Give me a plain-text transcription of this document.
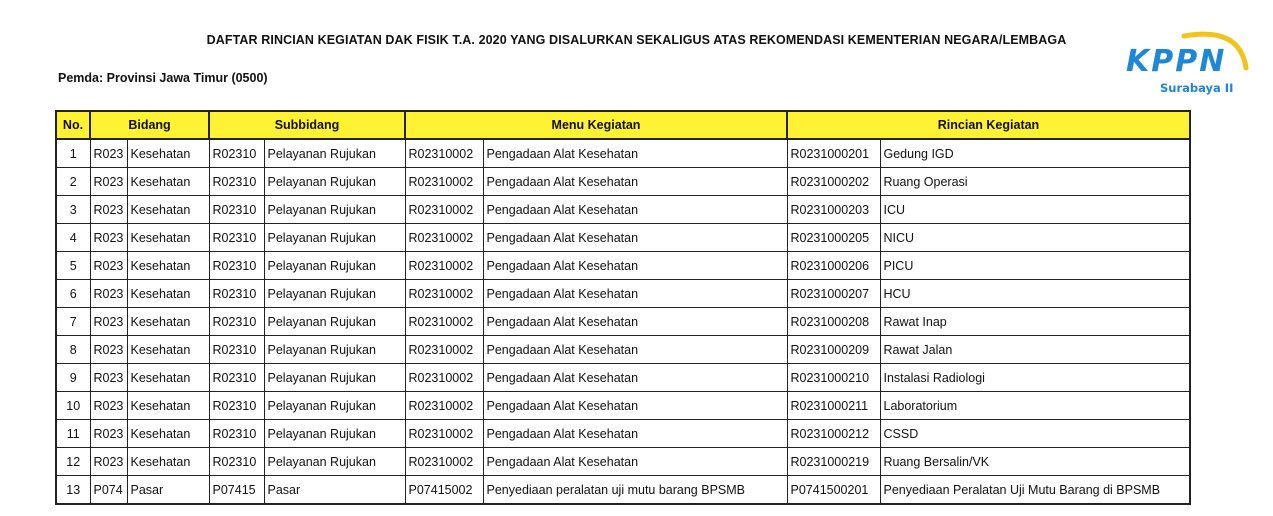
DAFTAR RINCIAN KEGIATAN DAK FISIK T.A. 2020 YANG DISALURKAN SEKALIGUS ATAS REKOMENDASI KEMENTERIAN NEGARA/LEMBAGA
Pemda: Provinsi Jawa Timur (0500)	KPPN
Surabaya II
No.	Bidang		Subbidang		Menu Kegiatan		Rincian Kegiatan	
1	R023	Kesehatan	R02310	Pelayanan Rujukan	R02310002	Pengadaan Alat Kesehatan	R0231000201	Gedung IGD
2	R023	Kesehatan	R02310	Pelayanan Rujukan	R02310002	Pengadaan Alat Kesehatan	R0231000202	Ruang Operasi
3	R023	Kesehatan	R02310	Pelayanan Rujukan	R02310002	Pengadaan Alat Kesehatan	R0231000203	ICU
4	R023	Kesehatan	R02310	Pelayanan Rujukan	R02310002	Pengadaan Alat Kesehatan	R0231000205	NICU
5	R023	Kesehatan	R02310	Pelayanan Rujukan	R02310002	Pengadaan Alat Kesehatan	R0231000206	PICU
6	R023	Kesehatan	R02310	Pelayanan Rujukan	R02310002	Pengadaan Alat Kesehatan	R0231000207	HCU
7	R023	Kesehatan	R02310	Pelayanan Rujukan	R02310002	Pengadaan Alat Kesehatan	R0231000208	Rawat Inap
8	R023	Kesehatan	R02310	Pelayanan Rujukan	R02310002	Pengadaan Alat Kesehatan	R0231000209	Rawat Jalan
9	R023	Kesehatan	R02310	Pelayanan Rujukan	R02310002	Pengadaan Alat Kesehatan	R0231000210	Instalasi Radiologi
10	R023	Kesehatan	R02310	Pelayanan Rujukan	R02310002	Pengadaan Alat Kesehatan	R0231000211	Laboratorium
11	R023	Kesehatan	R02310	Pelayanan Rujukan	R02310002	Pengadaan Alat Kesehatan	R0231000212	CSSD
12	R023	Kesehatan	R02310	Pelayanan Rujukan	R02310002	Pengadaan Alat Kesehatan	R0231000219	Ruang Bersalin/VK
13	P074	Pasar	P07415	Pasar	P07415002	Penyediaan peralatan uji mutu barang BPSMB	P0741500201	Penyediaan Peralatan Uji Mutu Barang di BPSMB
